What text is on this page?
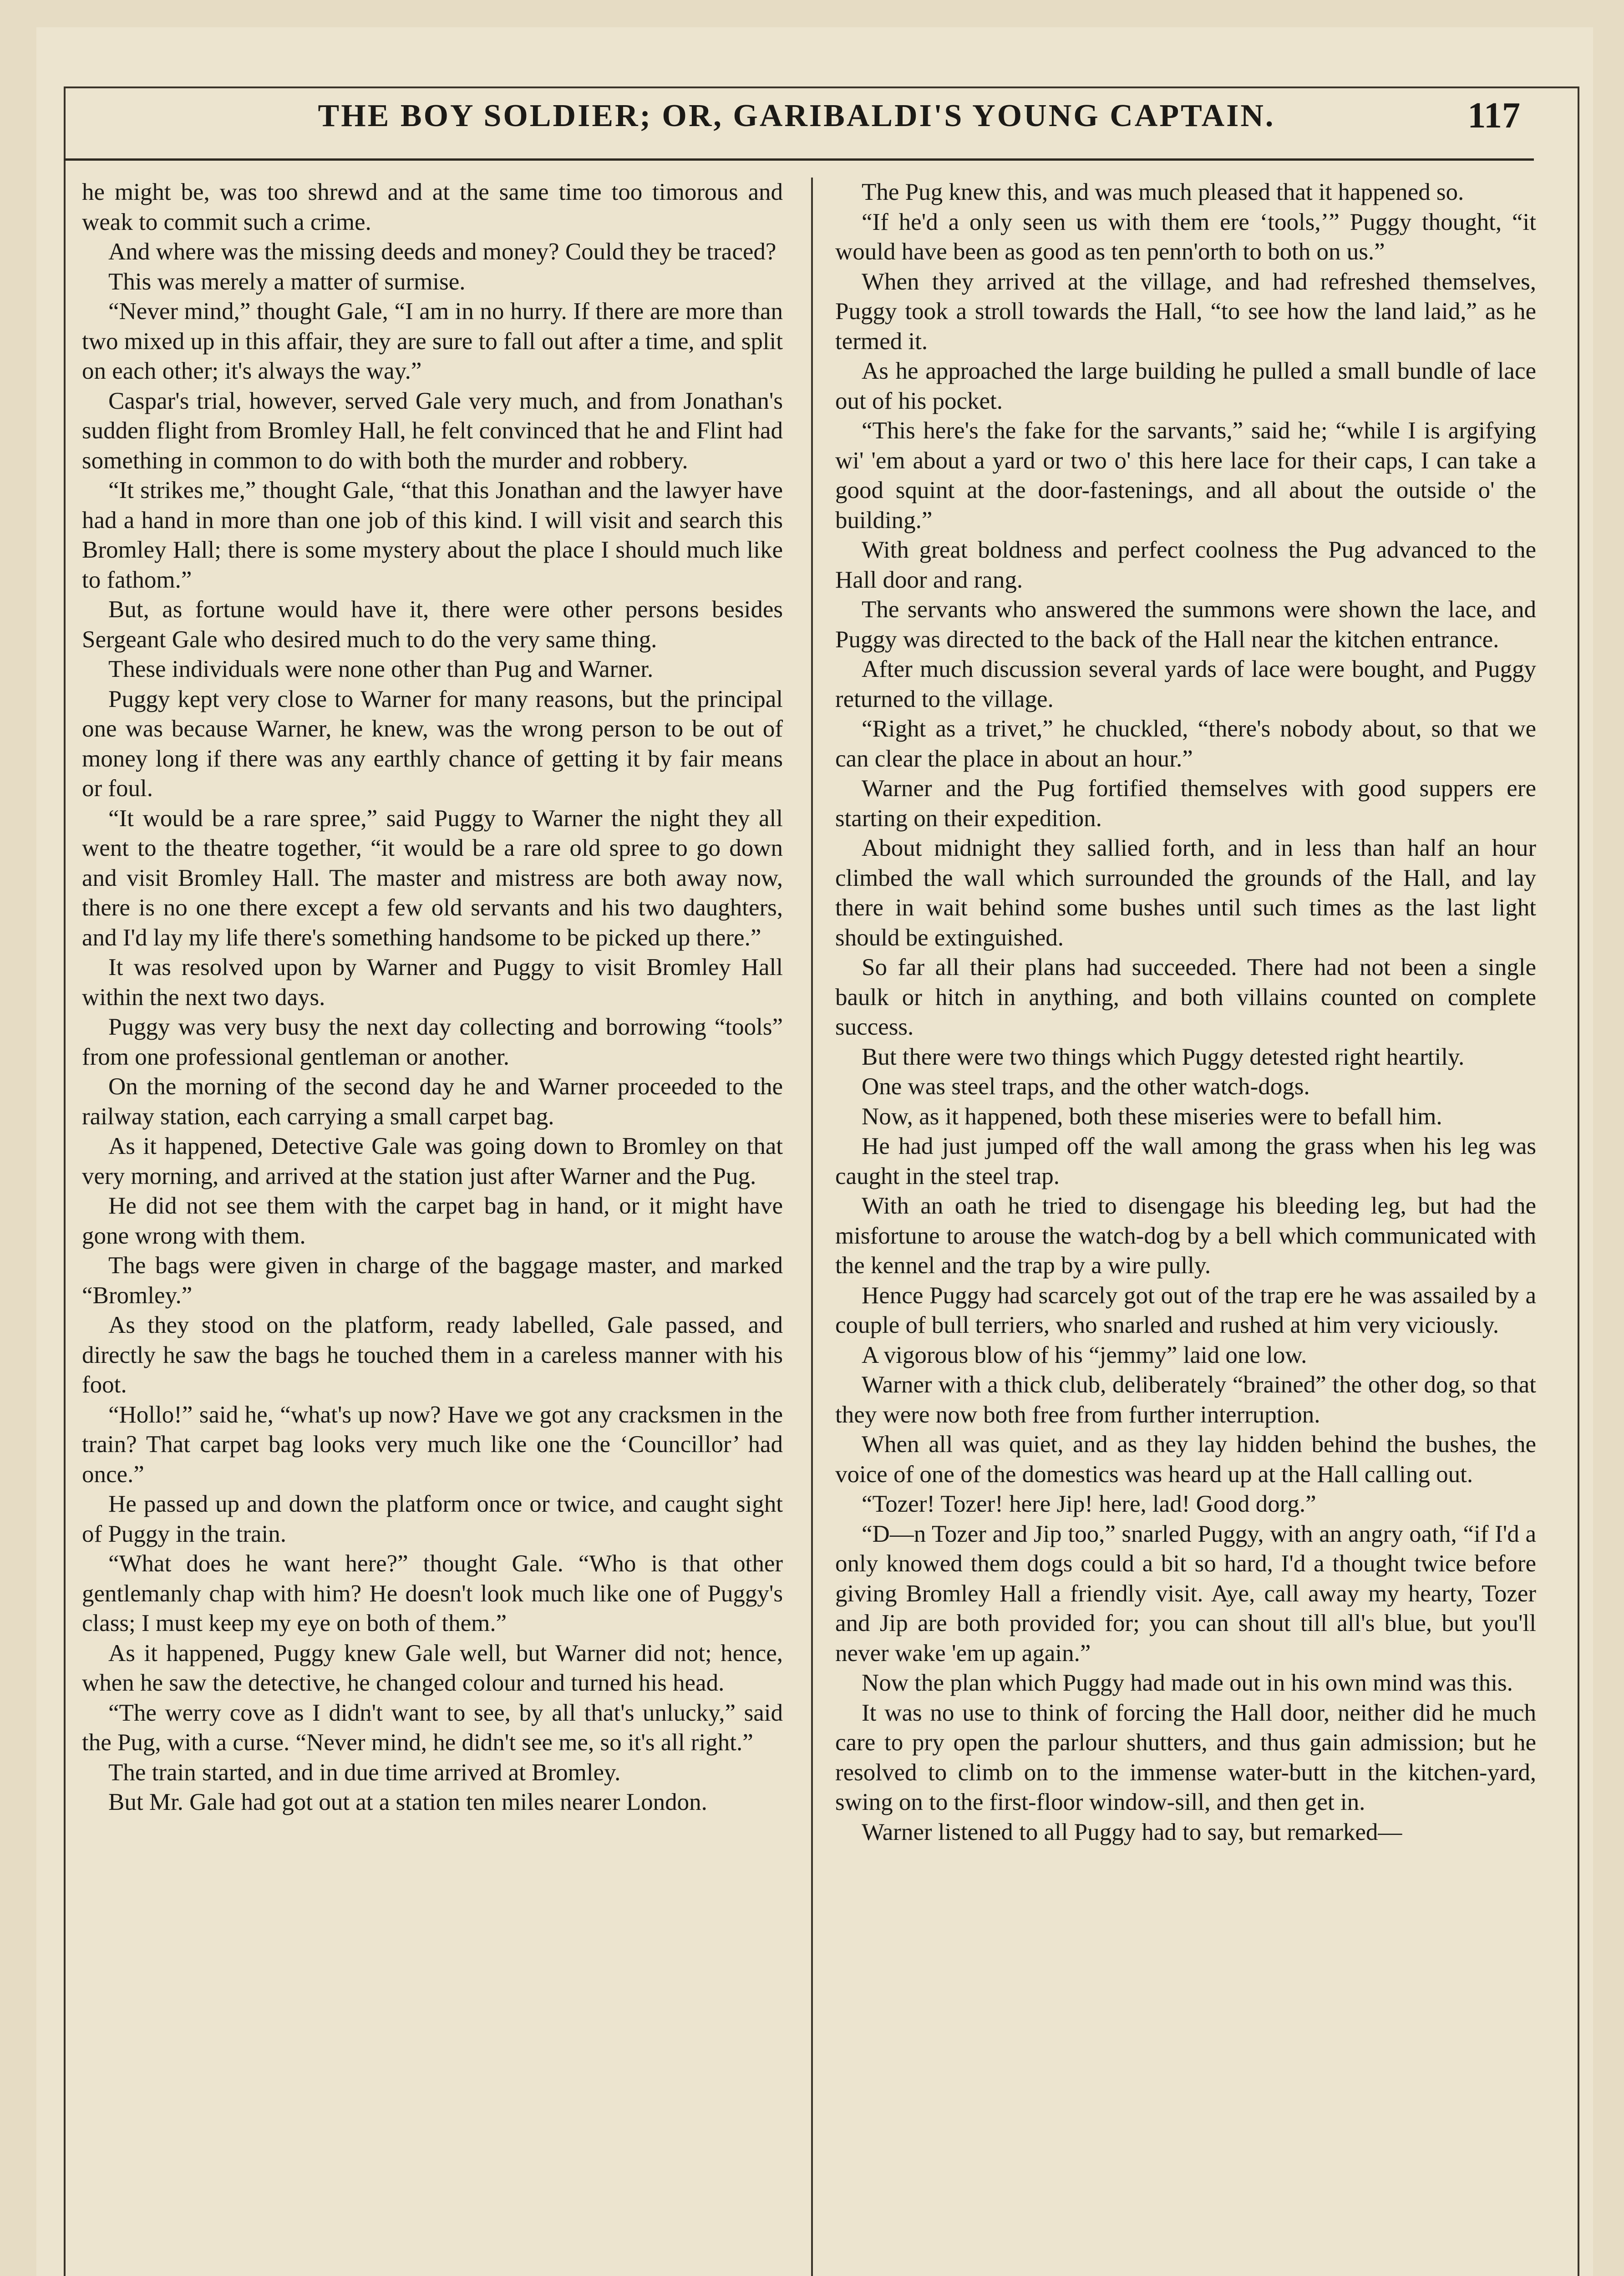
THE BOY SOLDIER; OR, GARIBALDI'S YOUNG CAPTAIN.	117

he might be, was too shrewd and at the same time too timorous and weak to commit such a crime.

And where was the missing deeds and money? Could they be traced?

This was merely a matter of surmise.

“Never mind,” thought Gale, “I am in no hurry. If there are more than two mixed up in this affair, they are sure to fall out after a time, and split on each other; it's always the way.”

Caspar's trial, however, served Gale very much, and from Jonathan's sudden flight from Bromley Hall, he felt convinced that he and Flint had something in common to do with both the murder and robbery.

“It strikes me,” thought Gale, “that this Jonathan and the lawyer have had a hand in more than one job of this kind. I will visit and search this Bromley Hall; there is some mystery about the place I should much like to fathom.”

But, as fortune would have it, there were other persons besides Sergeant Gale who desired much to do the very same thing.

These individuals were none other than Pug and Warner.

Puggy kept very close to Warner for many reasons, but the principal one was because Warner, he knew, was the wrong person to be out of money long if there was any earthly chance of getting it by fair means or foul.

“It would be a rare spree,” said Puggy to Warner the night they all went to the theatre together, “it would be a rare old spree to go down and visit Bromley Hall. The master and mistress are both away now, there is no one there except a few old servants and his two daughters, and I'd lay my life there's something handsome to be picked up there.”

It was resolved upon by Warner and Puggy to visit Bromley Hall within the next two days.

Puggy was very busy the next day collecting and borrowing “tools” from one professional gentleman or another.

On the morning of the second day he and Warner proceeded to the railway station, each carrying a small carpet bag.

As it happened, Detective Gale was going down to Bromley on that very morning, and arrived at the station just after Warner and the Pug.

He did not see them with the carpet bag in hand, or it might have gone wrong with them.

The bags were given in charge of the baggage master, and marked “Bromley.”

As they stood on the platform, ready labelled, Gale passed, and directly he saw the bags he touched them in a careless manner with his foot.

“Hollo!” said he, “what's up now? Have we got any cracksmen in the train? That carpet bag looks very much like one the ‘Councillor’ had once.”

He passed up and down the platform once or twice, and caught sight of Puggy in the train.

“What does he want here?” thought Gale. “Who is that other gentlemanly chap with him? He doesn't look much like one of Puggy's class; I must keep my eye on both of them.”

As it happened, Puggy knew Gale well, but Warner did not; hence, when he saw the detective, he changed colour and turned his head.

“The werry cove as I didn't want to see, by all that's unlucky,” said the Pug, with a curse. “Never mind, he didn't see me, so it's all right.”

The train started, and in due time arrived at Bromley.

But Mr. Gale had got out at a station ten miles nearer London.

The Pug knew this, and was much pleased that it happened so.

“If he'd a only seen us with them ere ‘tools,’” Puggy thought, “it would have been as good as ten penn'orth to both on us.”

When they arrived at the village, and had refreshed themselves, Puggy took a stroll towards the Hall, “to see how the land laid,” as he termed it.

As he approached the large building he pulled a small bundle of lace out of his pocket.

“This here's the fake for the sarvants,” said he; “while I is argifying wi' 'em about a yard or two o' this here lace for their caps, I can take a good squint at the door-fastenings, and all about the outside o' the building.”

With great boldness and perfect coolness the Pug advanced to the Hall door and rang.

The servants who answered the summons were shown the lace, and Puggy was directed to the back of the Hall near the kitchen entrance.

After much discussion several yards of lace were bought, and Puggy returned to the village.

“Right as a trivet,” he chuckled, “there's nobody about, so that we can clear the place in about an hour.”

Warner and the Pug fortified themselves with good suppers ere starting on their expedition.

About midnight they sallied forth, and in less than half an hour climbed the wall which surrounded the grounds of the Hall, and lay there in wait behind some bushes until such times as the last light should be extinguished.

So far all their plans had succeeded. There had not been a single baulk or hitch in anything, and both villains counted on complete success.

But there were two things which Puggy detested right heartily.

One was steel traps, and the other watch-dogs.

Now, as it happened, both these miseries were to befall him.

He had just jumped off the wall among the grass when his leg was caught in the steel trap.

With an oath he tried to disengage his bleeding leg, but had the misfortune to arouse the watch-dog by a bell which communicated with the kennel and the trap by a wire pully.

Hence Puggy had scarcely got out of the trap ere he was assailed by a couple of bull terriers, who snarled and rushed at him very viciously.

A vigorous blow of his “jemmy” laid one low.

Warner with a thick club, deliberately “brained” the other dog, so that they were now both free from further interruption.

When all was quiet, and as they lay hidden behind the bushes, the voice of one of the domestics was heard up at the Hall calling out.

“Tozer! Tozer! here Jip! here, lad! Good dorg.”

“D—n Tozer and Jip too,” snarled Puggy, with an angry oath, “if I'd a only knowed them dogs could a bit so hard, I'd a thought twice before giving Bromley Hall a friendly visit. Aye, call away my hearty, Tozer and Jip are both provided for; you can shout till all's blue, but you'll never wake 'em up again.”

Now the plan which Puggy had made out in his own mind was this.

It was no use to think of forcing the Hall door, neither did he much care to pry open the parlour shutters, and thus gain admission; but he resolved to climb on to the immense water-butt in the kitchen-yard, swing on to the first-floor window-sill, and then get in.

Warner listened to all Puggy had to say, but remarked—
